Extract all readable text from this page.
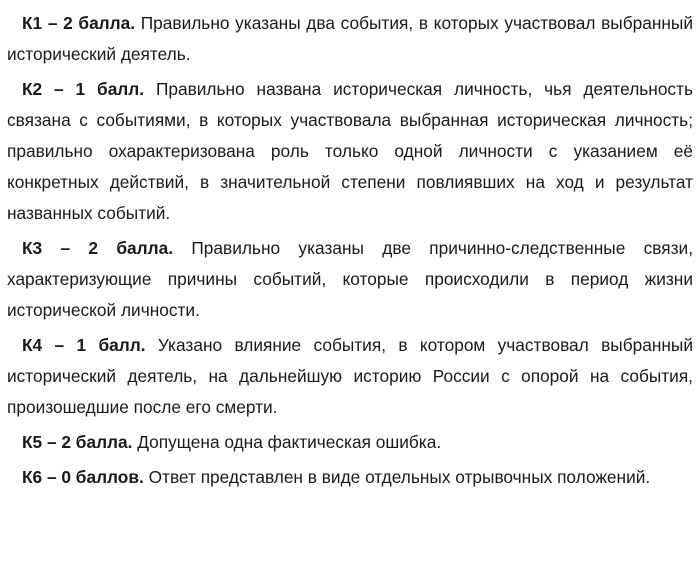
К1 – 2 балла. Правильно указаны два события, в которых участвовал выбранный исторический деятель.

К2 – 1 балл. Правильно названа историческая личность, чья деятельность связана с событиями, в которых участвовала выбранная историческая личность; правильно охарактеризована роль только одной личности с указанием её конкретных действий, в значительной степени повлиявших на ход и результат названных событий.

К3 – 2 балла. Правильно указаны две причинно-следственные связи, характеризующие причины событий, которые происходили в период жизни исторической личности.

К4 – 1 балл. Указано влияние события, в котором участвовал выбранный исторический деятель, на дальнейшую историю России с опорой на события, произошедшие после его смерти.

К5 – 2 балла. Допущена одна фактическая ошибка.

К6 – 0 баллов. Ответ представлен в виде отдельных отрывочных положений.
